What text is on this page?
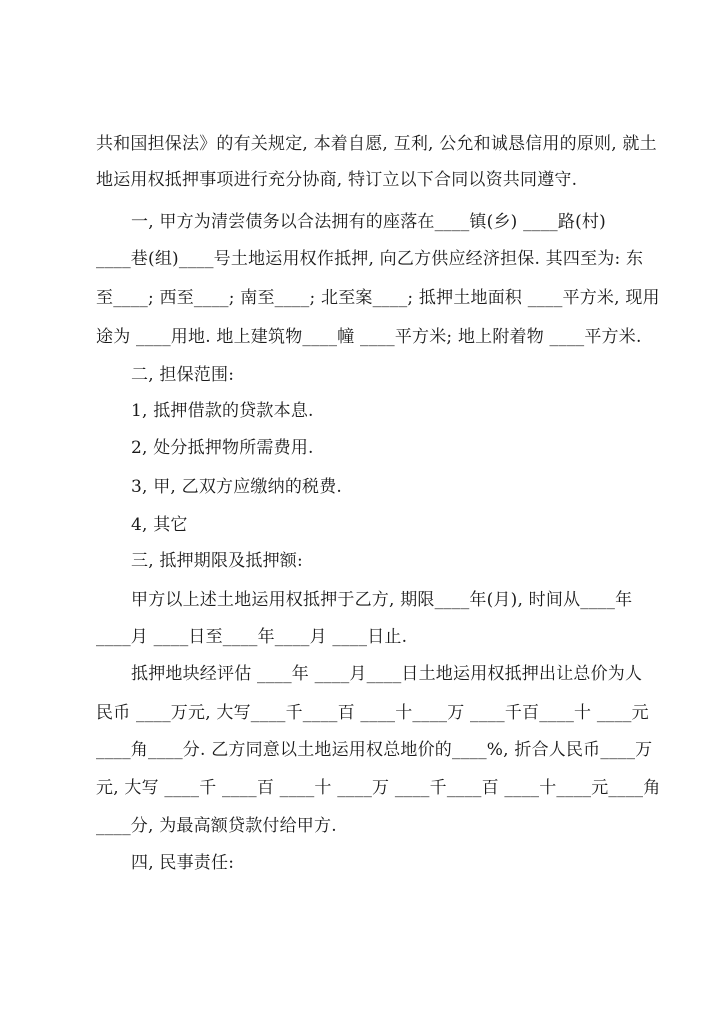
共和国担保法》的有关规定, 本着自愿, 互利, 公允和诚恳信用的原则, 就土
地运用权抵押事项进行充分协商, 特订立以下合同以资共同遵守.
一, 甲方为清尝债务以合法拥有的座落在____镇(乡) ____路(村)
____巷(组)____号土地运用权作抵押, 向乙方供应经济担保. 其四至为: 东
至____; 西至____; 南至____; 北至案____; 抵押土地面积 ____平方米, 现用
途为 ____用地. 地上建筑物____幢 ____平方米; 地上附着物 ____平方米.
二, 担保范围:
1, 抵押借款的贷款本息.
2, 处分抵押物所需费用.
3, 甲, 乙双方应缴纳的税费.
4, 其它
三, 抵押期限及抵押额:
甲方以上述土地运用权抵押于乙方, 期限____年(月), 时间从____年
____月 ____日至____年____月 ____日止.
抵押地块经评估 ____年 ____月____日土地运用权抵押出让总价为人
民币 ____万元, 大写____千____百 ____十____万 ____千百____十 ____元
____角____分. 乙方同意以土地运用权总地价的____%, 折合人民币____万
元, 大写 ____千 ____百 ____十 ____万 ____千____百 ____十____元____角
____分, 为最高额贷款付给甲方.
四, 民事责任:
